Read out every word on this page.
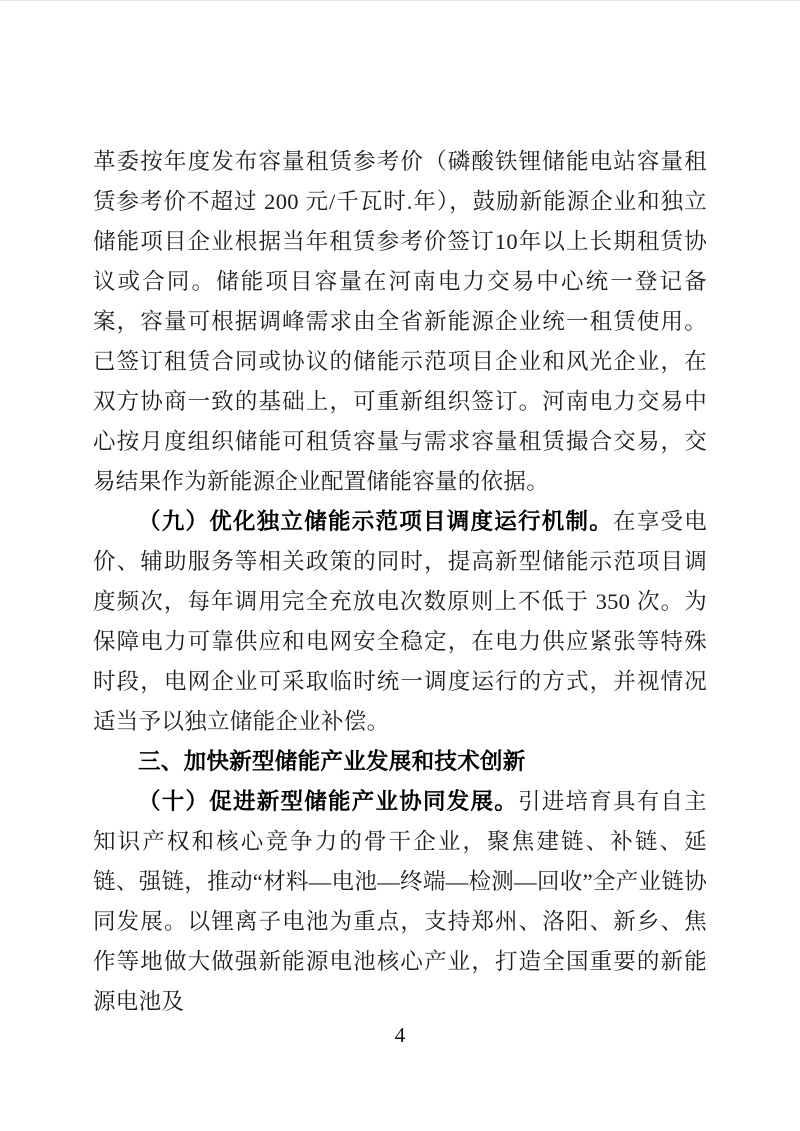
革委按年度发布容量租赁参考价（磷酸铁锂储能电站容量租赁参考价不超过 200 元/千瓦时.年），鼓励新能源企业和独立储能项目企业根据当年租赁参考价签订10年以上长期租赁协议或合同。储能项目容量在河南电力交易中心统一登记备案，容量可根据调峰需求由全省新能源企业统一租赁使用。已签订租赁合同或协议的储能示范项目企业和风光企业，在双方协商一致的基础上，可重新组织签订。河南电力交易中心按月度组织储能可租赁容量与需求容量租赁撮合交易，交易结果作为新能源企业配置储能容量的依据。

（九）优化独立储能示范项目调度运行机制。在享受电价、辅助服务等相关政策的同时，提高新型储能示范项目调度频次，每年调用完全充放电次数原则上不低于 350 次。为保障电力可靠供应和电网安全稳定，在电力供应紧张等特殊时段，电网企业可采取临时统一调度运行的方式，并视情况适当予以独立储能企业补偿。

三、加快新型储能产业发展和技术创新

（十）促进新型储能产业协同发展。引进培育具有自主知识产权和核心竞争力的骨干企业，聚焦建链、补链、延链、强链，推动“材料—电池—终端—检测—回收”全产业链协同发展。以锂离子电池为重点，支持郑州、洛阳、新乡、焦作等地做大做强新能源电池核心产业，打造全国重要的新能源电池及

4
